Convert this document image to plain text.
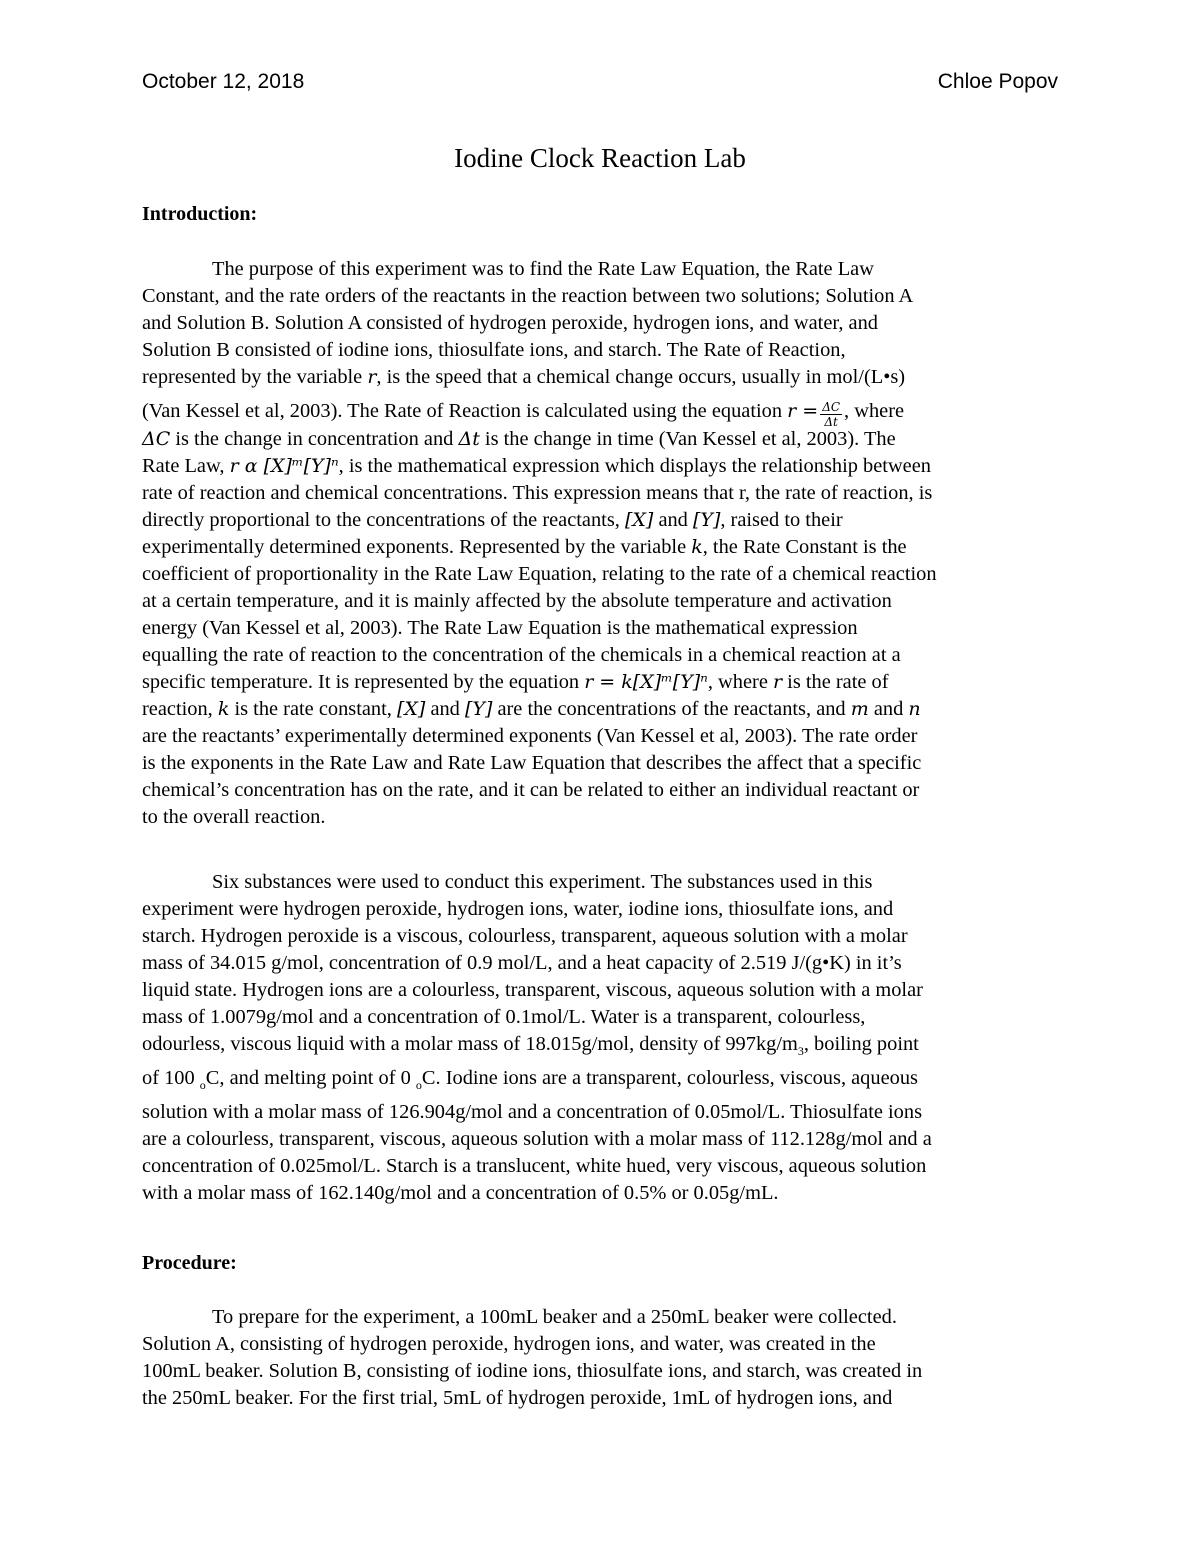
October 12, 2018	Chloe Popov
Iodine Clock Reaction Lab
Introduction:
The purpose of this experiment was to find the Rate Law Equation, the Rate Law
Constant, and the rate orders of the reactants in the reaction between two solutions; Solution A
and Solution B. Solution A consisted of hydrogen peroxide, hydrogen ions, and water, and
Solution B consisted of iodine ions, thiosulfate ions, and starch. The Rate of Reaction,
represented by the variable r, is the speed that a chemical change occurs, usually in mol/(L•s)
(Van Kessel et al, 2003). The Rate of Reaction is calculated using the equation $r = \frac{\Delta C}{\Delta t}$ , where
ΔC is the change in concentration and Δt is the change in time (Van Kessel et al, 2003). The
Rate Law, r α [X]ᵐ[Y]ⁿ, is the mathematical expression which displays the relationship between
rate of reaction and chemical concentrations. This expression means that r, the rate of reaction, is
directly proportional to the concentrations of the reactants, [X] and [Y], raised to their
experimentally determined exponents. Represented by the variable k, the Rate Constant is the
coefficient of proportionality in the Rate Law Equation, relating to the rate of a chemical reaction
at a certain temperature, and it is mainly affected by the absolute temperature and activation
energy (Van Kessel et al, 2003). The Rate Law Equation is the mathematical expression
equalling the rate of reaction to the concentration of the chemicals in a chemical reaction at a
specific temperature. It is represented by the equation r = k[X]ᵐ[Y]ⁿ, where r is the rate of
reaction, k is the rate constant, [X] and [Y] are the concentrations of the reactants, and m and n
are the reactants’ experimentally determined exponents (Van Kessel et al, 2003). The rate order
is the exponents in the Rate Law and Rate Law Equation that describes the affect that a specific
chemical’s concentration has on the rate, and it can be related to either an individual reactant or
to the overall reaction.
Six substances were used to conduct this experiment. The substances used in this
experiment were hydrogen peroxide, hydrogen ions, water, iodine ions, thiosulfate ions, and
starch. Hydrogen peroxide is a viscous, colourless, transparent, aqueous solution with a molar
mass of 34.015 g/mol, concentration of 0.9 mol/L, and a heat capacity of 2.519 J/(g•K) in it’s
liquid state. Hydrogen ions are a colourless, transparent, viscous, aqueous solution with a molar
mass of 1.0079g/mol and a concentration of 0.1mol/L. Water is a transparent, colourless,
odourless, viscous liquid with a molar mass of 18.015g/mol, density of $997kg/m_3$, boiling point
of 100 $_o$C, and melting point of 0 $_o$C. Iodine ions are a transparent, colourless, viscous, aqueous
solution with a molar mass of 126.904g/mol and a concentration of 0.05mol/L. Thiosulfate ions
are a colourless, transparent, viscous, aqueous solution with a molar mass of 112.128g/mol and a
concentration of 0.025mol/L. Starch is a translucent, white hued, very viscous, aqueous solution
with a molar mass of 162.140g/mol and a concentration of 0.5% or 0.05g/mL.
Procedure:
To prepare for the experiment, a 100mL beaker and a 250mL beaker were collected.
Solution A, consisting of hydrogen peroxide, hydrogen ions, and water, was created in the
100mL beaker. Solution B, consisting of iodine ions, thiosulfate ions, and starch, was created in
the 250mL beaker. For the first trial, 5mL of hydrogen peroxide, 1mL of hydrogen ions, and
